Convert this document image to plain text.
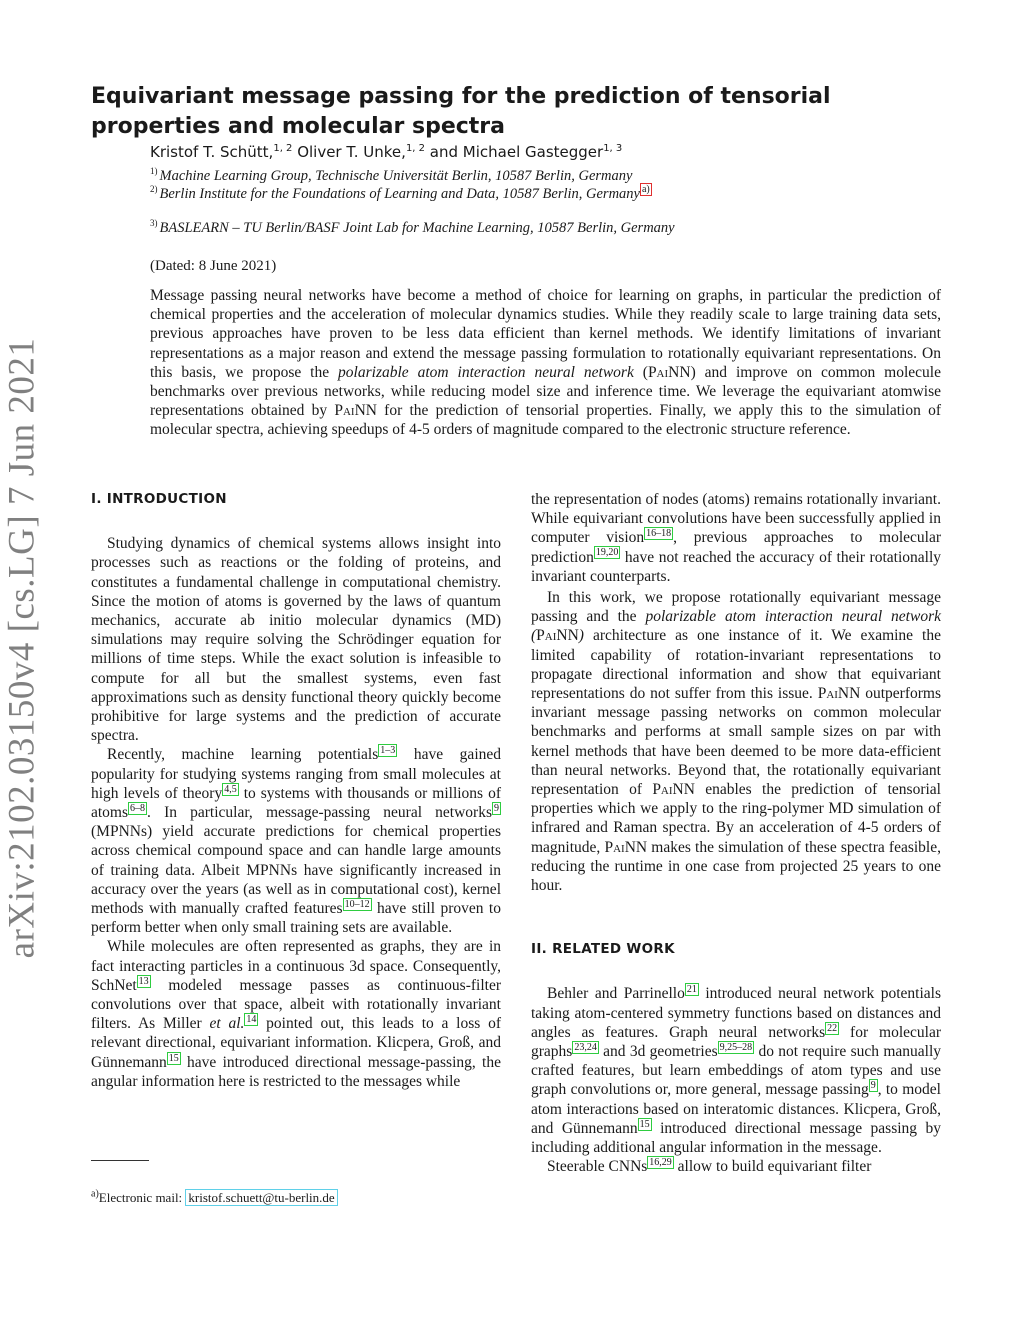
arXiv:2102.03150v4 [cs.LG] 7 Jun 2021
Equivariant message passing for the prediction of tensorial properties and molecular spectra
Kristof T. Schütt,$^{1, 2}$ Oliver T. Unke,$^{1, 2}$ and Michael Gastegger$^{1, 3}$
$^{1)}$ Machine Learning Group, Technische Universität Berlin, 10587 Berlin, Germany
$^{2)}$ Berlin Institute for the Foundations of Learning and Data, 10587 Berlin, Germany $^{a)}$
$^{3)}$ BASLEARN – TU Berlin/BASF Joint Lab for Machine Learning, 10587 Berlin, Germany
(Dated: 8 June 2021)
Message passing neural networks have become a method of choice for learning on graphs, in particular the prediction of chemical properties and the acceleration of molecular dynamics studies. While they readily scale to large training data sets, previous approaches have proven to be less data efficient than kernel methods. We identify limitations of invariant representations as a major reason and extend the message passing formulation to rotationally equivariant representations. On this basis, we propose the polarizable atom interaction neural network (PaiNN) and improve on common molecule benchmarks over previous networks, while reducing model size and inference time. We leverage the equivariant atomwise representations obtained by PaiNN for the prediction of tensorial properties. Finally, we apply this to the simulation of molecular spectra, achieving speedups of 4-5 orders of magnitude compared to the electronic structure reference.

I. INTRODUCTION

Studying dynamics of chemical systems allows insight into processes such as reactions or the folding of proteins, and constitutes a fundamental challenge in computational chemistry. Since the motion of atoms is governed by the laws of quantum mechanics, accurate ab initio molecular dynamics (MD) simulations may require solving the Schrödinger equation for millions of time steps. While the exact solution is infeasible to compute for all but the smallest systems, even fast approximations such as density functional theory quickly become prohibitive for large systems and the prediction of accurate spectra.

Recently, machine learning potentials $^{1-3}$ have gained popularity for studying systems ranging from small molecules at high levels of theory $^{4,5}$ to systems with thousands or millions of atoms $^{6-8}$ . In particular, message-passing neural networks $^9$ (MPNNs) yield accurate predictions for chemical properties across chemical compound space and can handle large amounts of training data. Albeit MPNNs have significantly increased in accuracy over the years (as well as in computational cost), kernel methods with manually crafted features $^{10-12}$ have still proven to perform better when only small training sets are available.

While molecules are often represented as graphs, they are in fact interacting particles in a continuous 3d space. Consequently, SchNet $^{13}$ modeled message passes as continuous-filter convolutions over that space, albeit with rotationally invariant filters. As Miller et al. $^{14}$ pointed out, this leads to a loss of relevant directional, equivariant information. Klicpera, Groß, and Günnemann $^{15}$ have introduced directional message-passing, the angular information here is restricted to the messages while

the representation of nodes (atoms) remains rotationally invariant. While equivariant convolutions have been successfully applied in computer vision $^{16-18}$ , previous approaches to molecular prediction $^{19,20}$ have not reached the accuracy of their rotationally invariant counterparts.

In this work, we propose rotationally equivariant message passing and the polarizable atom interaction neural network (PaiNN) architecture as one instance of it. We examine the limited capability of rotation-invariant representations to propagate directional information and show that equivariant representations do not suffer from this issue. PaiNN outperforms invariant message passing networks on common molecular benchmarks and performs at small sample sizes on par with kernel methods that have been deemed to be more data-efficient than neural networks. Beyond that, the rotationally equivariant representation of PaiNN enables the prediction of tensorial properties which we apply to the ring-polymer MD simulation of infrared and Raman spectra. By an acceleration of 4-5 orders of magnitude, PaiNN makes the simulation of these spectra feasible, reducing the runtime in one case from projected 25 years to one hour.

II. RELATED WORK

Behler and Parrinello $^{21}$ introduced neural network potentials taking atom-centered symmetry functions based on distances and angles as features. Graph neural networks $^{22}$ for molecular graphs $^{23,24}$ and 3d geometries $^{9,25-28}$ do not require such manually crafted features, but learn embeddings of atom types and use graph convolutions or, more general, message passing $^9$ , to model atom interactions based on interatomic distances. Klicpera, Groß, and Günnemann $^{15}$ introduced directional message passing by including additional angular information in the message.

Steerable CNNs $^{16,29}$ allow to build equivariant filter

$^{a)}$Electronic mail: kristof.schuett@tu-berlin.de
